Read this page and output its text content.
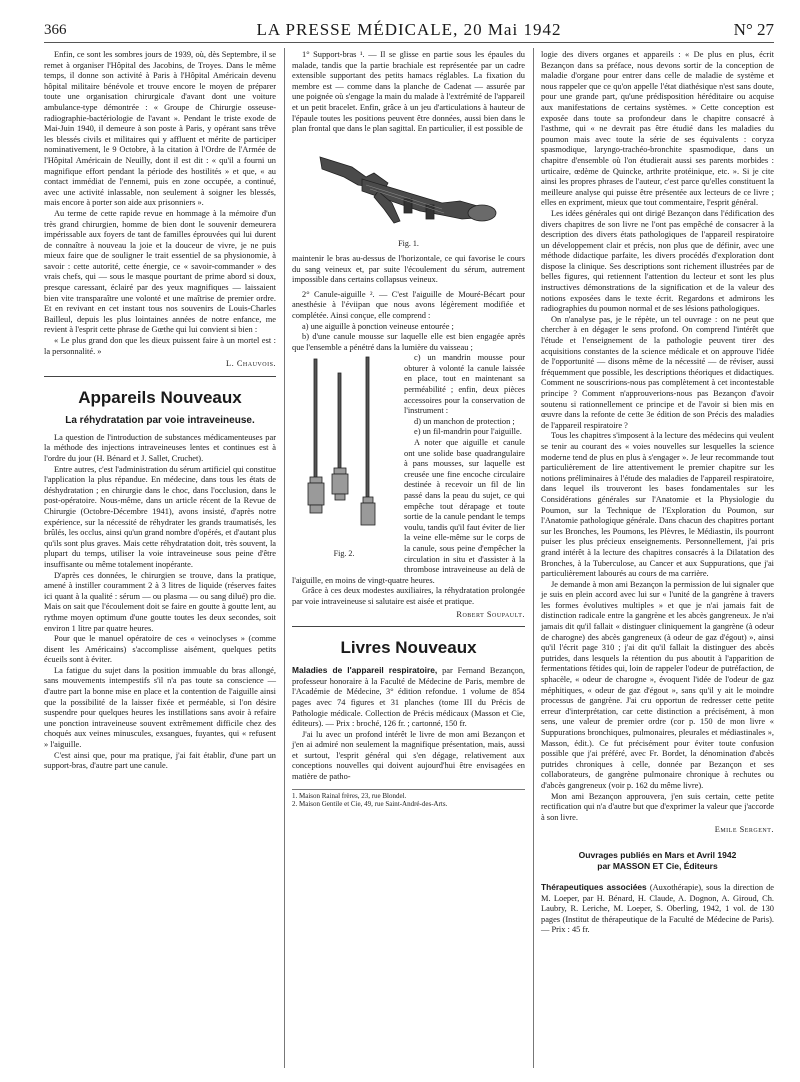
366	LA PRESSE MÉDICALE, 20 Mai 1942	N° 27

Enfin, ce sont les sombres jours de 1939, où, dès Septembre, il se remet à organiser l'Hôpital des Jacobins, de Troyes. Dans le même temps, il donne son activité à Paris à l'Hôpital Américain devenu hôpital militaire bénévole et trouve encore le moyen de préparer toute une organisation chirurgicale d'avant dont une voiture ambulance-type démontrée : « Groupe de Chirurgie osseuse-radiographie-bactériologie de l'avant ». Pendant le triste exode de Mai-Juin 1940, il demeure à son poste à Paris, y opérant sans trêve les blessés civils et militaires qui y affluent et mérite de participer nominativement, le 9 Octobre, à la citation à l'Ordre de l'Armée de l'Hôpital Américain de Neuilly, dont il est dit : « qu'il a fourni un magnifique effort pendant la période des hostilités » et que, « au contact immédiat de l'ennemi, puis en zone occupée, a continué, avec une activité inlassable, non seulement à soigner les blessés, mais encore à porter son aide aux prisonniers ».

Au terme de cette rapide revue en hommage à la mémoire d'un très grand chirurgien, homme de bien dont le souvenir demeurera impérissable aux foyers de tant de familles éprouvées qui lui durent de connaître à nouveau la joie et la douceur de vivre, je ne puis mieux faire que de souligner le trait essentiel de sa physionomie, à savoir : cette autorité, cette énergie, ce « savoir-commander » des vrais chefs, qui — sous le masque pourtant de prime abord si doux, presque caressant, éclairé par des yeux magnifiques — laissaient bien vite transparaître une volonté et une maîtrise de premier ordre. Et en revivant en cet instant tous nos souvenirs de Louis-Charles Bailleul, depuis les plus lointaines années de notre enfance, me revient à l'esprit cette phrase de Gœthe qui lui convient si bien :

« Le plus grand don que les dieux puissent faire à un mortel est : la personnalité. »

L. Chauvois.
Appareils Nouveaux
La réhydratation par voie intraveineuse.

La question de l'introduction de substances médicamenteuses par la méthode des injections intraveineuses lentes et continues est à l'ordre du jour (H. Bénard et J. Sallet, Cruchet).

Entre autres, c'est l'administration du sérum artificiel qui constitue l'application la plus répandue. En médecine, dans tous les états de déshydratation ; en chirurgie dans le choc, dans l'occlusion, dans le post-opératoire. Nous-même, dans un article récent de la Revue de Chirurgie (Octobre-Décembre 1941), avons insisté, d'après notre expérience, sur la nécessité de réhydrater les grands traumatisés, les brûlés, les occlus, ainsi qu'un grand nombre d'opérés, et d'autant plus qu'ils sont plus graves. Mais cette réhydratation doit, très souvent, la plupart du temps, utiliser la voie intraveineuse sous peine d'être insuffisante ou même totalement inopérante.

D'après ces données, le chirurgien se trouve, dans la pratique, amené à instiller couramment 2 à 3 litres de liquide (réserves faites ici quant à la qualité : sérum — ou plasma — ou sang dilué) pro die. Mais on sait que l'écoulement doit se faire en goutte à goutte lent, au rythme moyen optimum d'une goutte toutes les deux secondes, soit environ 1 litre par quatre heures.

Pour que le manuel opératoire de ces « veinoclyses » (comme disent les Américains) s'accomplisse aisément, quelques petits écueils sont à éviter.

La fatigue du sujet dans la position immuable du bras allongé, sans mouvements intempestifs s'il n'a pas toute sa conscience — d'autre part la bonne mise en place et la contention de l'aiguille ainsi que la possibilité de la laisser fixée et perméable, si l'on désire suspendre pour quelques heures les instillations sans avoir à refaire une ponction intraveineuse souvent extrêmement difficile chez des choqués aux veines minuscules, exsangues, fuyantes, qui « refusent » l'aiguille.

C'est ainsi que, pour ma pratique, j'ai fait établir, d'une part un support-bras, d'autre part une canule.

1° Support-bras ¹. — Il se glisse en partie sous les épaules du malade, tandis que la partie brachiale est représentée par un cadre extensible supportant des petits hamacs réglables. La fixation du membre est — comme dans la planche de Cadenat — assurée par une poignée où s'engage la main du malade à l'extrémité de l'appareil et un petit bracelet. Enfin, grâce à un jeu d'articulations à hauteur de l'épaule toutes les positions peuvent être données, aussi bien dans le plan frontal que dans le plan sagittal. En particulier, il est possible de

Fig. 1.

maintenir le bras au-dessus de l'horizontale, ce qui favorise le cours du sang veineux et, par suite l'écoulement du sérum, autrement impossible dans certains collapsus veineux.

2° Canule-aiguille ². — C'est l'aiguille de Mouré-Bécart pour anesthésie à l'éviipan que nous avons légèrement modifiée et complétée. Ainsi conçue, elle comprend :

a) une aiguille à ponction veineuse entourée ;

b) d'une canule mousse sur laquelle elle est bien engagée après que l'ensemble a pénétré dans la lumière du vaisseau ;

Fig. 2.

c) un mandrin mousse pour obturer à volonté la canule laissée en place, tout en maintenant sa perméabilité ; enfin, deux pièces accessoires pour la conservation de l'instrument :

d) un manchon de protection ;

e) un fil-mandrin pour l'aiguille.

A noter que aiguille et canule ont une solide base quadrangulaire à pans mousses, sur laquelle est creusée une fine encoche circulaire destinée à recevoir un fil de lin passé dans la peau du sujet, ce qui empêche tout dérapage et toute sortie de la canule pendant le temps voulu, tandis qu'il faut éviter de lier la veine elle-même sur le corps de la canule, sous peine d'empêcher la circulation in situ et d'assister à la thrombose intraveineuse au delà de l'aiguille, en moins de vingt-quatre heures.

Grâce à ces deux modestes auxiliaires, la réhydratation prolongée par voie intraveineuse si salutaire est aisée et pratique.

Robert Soupault.
Livres Nouveaux

Maladies de l'appareil respiratoire, par Fernand Bezançon, professeur honoraire à la Faculté de Médecine de Paris, membre de l'Académie de Médecine, 3° édition refondue. 1 volume de 854 pages avec 74 figures et 31 planches (tome III du Précis de Pathologie médicale. Collection de Précis médicaux (Masson et Cie, éditeurs). — Prix : broché, 126 fr. ; cartonné, 150 fr.

J'ai lu avec un profond intérêt le livre de mon ami Bezançon et j'en ai admiré non seulement la magnifique présentation, mais, aussi et surtout, l'esprit général qui s'en dégage, relativement aux conceptions nouvelles qui doivent aujourd'hui être envisagées en matière de patho-

1. Maison Rainal frères, 23, rue Blondel.
2. Maison Gentile et Cie, 49, rue Saint-André-des-Arts.

logie des divers organes et appareils : « De plus en plus, écrit Bezançon dans sa préface, nous devons sortir de la conception de maladie d'organe pour entrer dans celle de maladie de système et nous rappeler que ce qu'on appelle l'état diathésique n'est sans doute, pour une grande part, qu'une prédisposition héréditaire ou acquise aux manifestations de certains systèmes. » Cette conception est exposée dans toute sa profondeur dans le chapitre consacré à l'asthme, qui « ne devrait pas être étudié dans les maladies du poumon mais avec toute la série de ses équivalents : coryza spasmodique, laryngo-trachéo-bronchite spasmodique, dans un chapitre d'ensemble où l'on étudierait aussi ses parents morbides : urticaire, œdème de Quincke, arthrite protéinique, etc. ». Si je cite ainsi les propres phrases de l'auteur, c'est parce qu'elles constituent la meilleure analyse qui puisse être présentée aux lecteurs de ce livre ; elles en expriment, mieux que tout commentaire, l'esprit général.

Les idées générales qui ont dirigé Bezançon dans l'édification des divers chapitres de son livre ne l'ont pas empêché de consacrer à la description des divers états pathologiques de l'appareil respiratoire un développement clair et précis, non plus que de définir, avec une méthode didactique parfaite, les divers procédés d'exploration dont dispose la clinique. Ses descriptions sont richement illustrées par de belles figures, qui retiennent l'attention du lecteur et sont les plus instructives démonstrations de la signification et de la valeur des notions exposées dans le texte écrit. Regardons et admirons les radiographies du poumon normal et de ses lésions pathologiques.

On n'analyse pas, je le répète, un tel ouvrage : on ne peut que chercher à en dégager le sens profond. On comprend l'intérêt que l'étude et l'enseignement de la pathologie peuvent tirer des acquisitions constantes de la science médicale et on approuve l'idée de l'opportunité — disons même de la nécessité — de réviser, aussi fréquemment que possible, les descriptions théoriques et didactiques. Comment ne souscririons-nous pas complètement à cet incontestable principe ? Comment n'approuverions-nous pas Bezançon d'avoir soutenu si rationnellement ce principe et de l'avoir si bien mis en œuvre dans la refonte de cette 3e édition de son Précis des maladies de l'appareil respiratoire ?

Tous les chapitres s'imposent à la lecture des médecins qui veulent se tenir au courant des « voies nouvelles sur lesquelles la science moderne tend de plus en plus à s'engager ». Je leur recommande tout particulièrement de lire attentivement le premier chapitre sur les notions préliminaires à l'étude des maladies de l'appareil respiratoire, dans lequel ils trouveront les bases fondamentales sur les Considérations générales sur l'Anatomie et la Physiologie du Poumon, sur la Technique de l'Exploration du Poumon, sur l'Anatomie pathologique générale. Dans chacun des chapitres portant sur les Bronches, les Poumons, les Plèvres, le Médiastin, ils pourront puiser les plus précieux enseignements. Personnellement, j'ai pris grand intérêt à la lecture des chapitres consacrés à la Dilatation des Bronches, à la Tuberculose, au Cancer et aux Suppurations, que j'ai particulièrement labourés au cours de ma carrière.

Je demande à mon ami Bezançon la permission de lui signaler que je suis en plein accord avec lui sur « l'unité de la gangrène à travers les formes évolutives multiples » et que je n'ai jamais fait de distinction radicale entre la gangrène et les abcès gangreneux. Je n'ai jamais dit qu'il fallait « distinguer cliniquement la gangrène (à odeur de charogne) des abcès gangreneux (à odeur de gaz d'égout) », ainsi qu'il l'écrit page 310 ; j'ai dit qu'il fallait la distinguer des abcès putrides, dans lesquels la rétention du pus aboutit à l'apparition de fermentations fétides qui, loin de rappeler l'odeur de putréfaction, de sphacèle, « odeur de charogne », évoquent l'idée de l'odeur de gaz méphitiques, « odeur de gaz d'égout », sans qu'il y ait le moindre processus de gangrène. J'ai cru opportun de redresser cette petite erreur d'interprétation, car cette distinction a précisément, à mon sens, une valeur de premier ordre (cor p. 150 de mon livre « Suppurations bronchiques, pulmonaires, pleurales et médiastinales », Masson, édit.). Ce fut précisément pour éviter toute confusion possible que j'ai préféré, avec Fr. Bordet, la dénomination d'abcès putrides chroniques à celle, donnée par Bezançon et ses collaborateurs, de gangrène pulmonaire chronique à rechutes ou d'abcès gangreneux (voir p. 162 du même livre).

Mon ami Bezançon approuvera, j'en suis certain, cette petite rectification qui n'a d'autre but que d'exprimer la valeur que j'accorde à son livre.

Emile Sergent.
Ouvrages publiés en Mars et Avril 1942
par MASSON ET Cie, Éditeurs

Thérapeutiques associées (Auxothérapie), sous la direction de M. Loeper, par H. Bénard, H. Claude, A. Dognon, A. Giroud, Ch. Laubry, R. Leriche, M. Loeper, S. Oberling, 1942, 1 vol. de 130 pages (Institut de thérapeutique de la Faculté de Médecine de Paris). — Prix : 45 fr.
